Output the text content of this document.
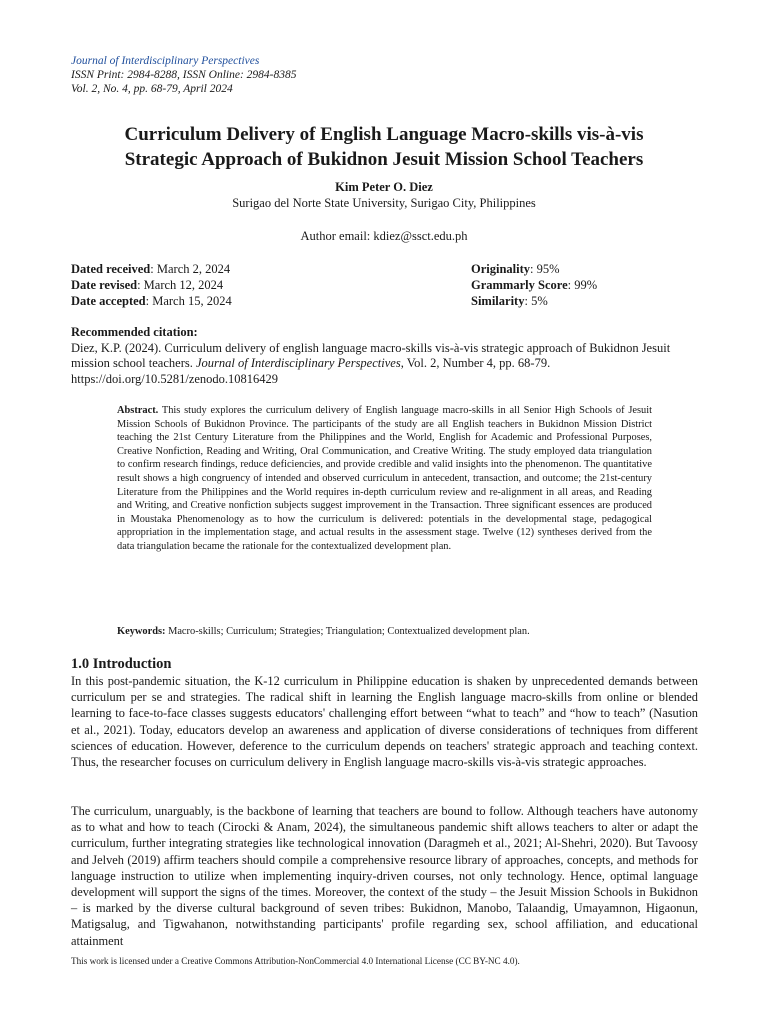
Journal of Interdisciplinary Perspectives
ISSN Print: 2984-8288, ISSN Online: 2984-8385
Vol. 2, No. 4, pp. 68-79, April 2024
Curriculum Delivery of English Language Macro-skills vis-à-vis
Strategic Approach of Bukidnon Jesuit Mission School Teachers
Kim Peter O. Diez
Surigao del Norte State University, Surigao City, Philippines
Author email: kdiez@ssct.edu.ph
Dated received: March 2, 2024
Date revised: March 12, 2024
Date accepted: March 15, 2024
Originality: 95%
Grammarly Score: 99%
Similarity: 5%
Recommended citation:
Diez, K.P. (2024). Curriculum delivery of english language macro-skills vis-à-vis strategic approach of Bukidnon Jesuit mission school teachers. Journal of Interdisciplinary Perspectives, Vol. 2, Number 4, pp. 68-79.
https://doi.org/10.5281/zenodo.10816429
Abstract. This study explores the curriculum delivery of English language macro-skills in all Senior High Schools of Jesuit Mission Schools of Bukidnon Province. The participants of the study are all English teachers in Bukidnon Mission District teaching the 21st Century Literature from the Philippines and the World, English for Academic and Professional Purposes, Creative Nonfiction, Reading and Writing, Oral Communication, and Creative Writing. The study employed data triangulation to confirm research findings, reduce deficiencies, and provide credible and valid insights into the phenomenon. The quantitative result shows a high congruency of intended and observed curriculum in antecedent, transaction, and outcome; the 21st-century Literature from the Philippines and the World requires in-depth curriculum review and re-alignment in all areas, and Reading and Writing, and Creative nonfiction subjects suggest improvement in the Transaction. Three significant essences are produced in Moustaka Phenomenology as to how the curriculum is delivered: potentials in the developmental stage, pedagogical appropriation in the implementation stage, and actual results in the assessment stage. Twelve (12) syntheses derived from the data triangulation became the rationale for the contextualized development plan.
Keywords: Macro-skills; Curriculum; Strategies; Triangulation; Contextualized development plan.
1.0 Introduction

In this post-pandemic situation, the K-12 curriculum in Philippine education is shaken by unprecedented demands between curriculum per se and strategies. The radical shift in learning the English language macro-skills from online or blended learning to face-to-face classes suggests educators' challenging effort between “what to teach” and “how to teach” (Nasution et al., 2021). Today, educators develop an awareness and application of diverse considerations of techniques from different sciences of education. However, deference to the curriculum depends on teachers' strategic approach and teaching context. Thus, the researcher focuses on curriculum delivery in English language macro-skills vis-à-vis strategic approaches.

The curriculum, unarguably, is the backbone of learning that teachers are bound to follow. Although teachers have autonomy as to what and how to teach (Cirocki & Anam, 2024), the simultaneous pandemic shift allows teachers to alter or adapt the curriculum, further integrating strategies like technological innovation (Daragmeh et al., 2021; Al-Shehri, 2020). But Tavoosy and Jelveh (2019) affirm teachers should compile a comprehensive resource library of approaches, concepts, and methods for language instruction to utilize when implementing inquiry-driven courses, not only technology. Hence, optimal language development will support the signs of the times. Moreover, the context of the study – the Jesuit Mission Schools in Bukidnon – is marked by the diverse cultural background of seven tribes: Bukidnon, Manobo, Talaandig, Umayamnon, Higaonun, Matigsalug, and Tigwahanon, notwithstanding participants' profile regarding sex, school affiliation, and educational attainment

This work is licensed under a Creative Commons Attribution-NonCommercial 4.0 International License (CC BY-NC 4.0).
